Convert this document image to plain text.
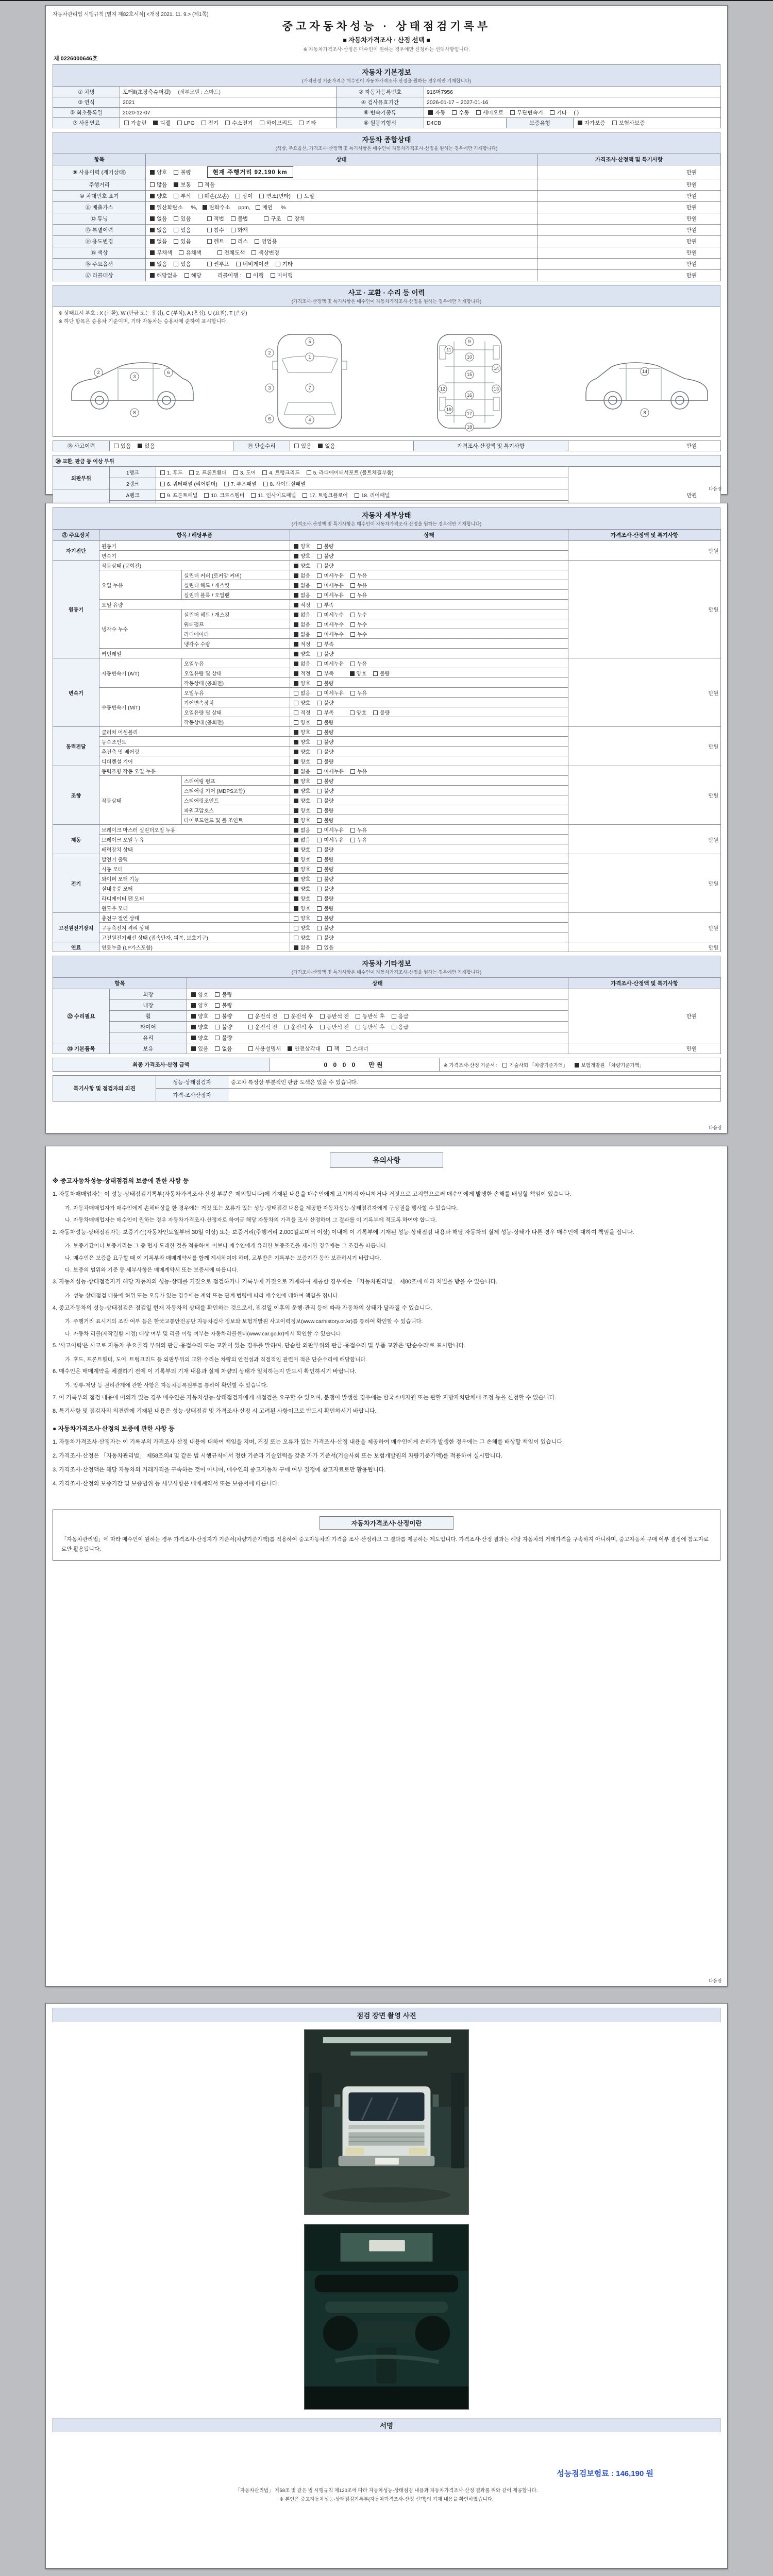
자동차관리법 시행규칙 [별지 제82호서식] <개정 2021. 11. 9.> (제1쪽)
중고자동차성능 · 상태점검기록부
■ 자동차가격조사 · 산정 선택 ■
※ 자동차가격조사·산정은 매수인이 원하는 경우에만 신청하는 선택사항입니다.
제 0226000646호
자동차 기본정보
(가격산정 기준가격은 매수인이 자동차가격조사·산정을 원하는 경우에만 기재합니다)
① 차명	포터Ⅱ(초장축슈퍼캡) (세부모델 : 스마트)	② 자동차등록번호	916머7956		
③ 연식	2021	④ 검사유효기간	2026-01-17 ~ 2027-01-16		
⑤ 최초등록일	2020-12-07	⑥ 변속기종류	자동 수동 세미오토 무단변속기 기타 ( )		
⑦ 사용연료	가솔린 디젤 LPG 전기 수소전기 하이브리드 기타	⑧ 원동기형식	D4CB	보증유형	자가보증 보험사보증
자동차 종합상태
(색상, 주요옵션, 가격조사·산정액 및 특기사항은 매수인이 자동차가격조사·산정을 원하는 경우에만 기재합니다)
항목	상태	가격조사·산정액 및 특기사항
⑨ 사용이력 (계기상태)	양호 불량 현재 주행거리 92,190 km	만원
주행거리	많음 보통 적음	만원
⑩ 차대번호 표기	양호 부식 훼손(오손) 상이 변조(변타) 도말	만원
⑪ 배출가스	일산화탄소 %, 탄화수소 ppm, 매연 %	만원
⑫ 튜닝	없음 있음 적법 불법 구조 장치	만원
⑬ 특별이력	없음 있음 침수 화재	만원
⑭ 용도변경	없음 있음 렌트 리스 영업용	만원
⑮ 색상	무채색 유채색 전체도색 색상변경	만원
⑯ 주요옵션	없음 있음 썬루프 네비게이션 기타	만원
⑰ 리콜대상	해당없음 해당 리콜이행 : 이행 미이행	만원
사고 · 교환 · 수리 등 이력
(가격조사·산정액 및 특기사항은 매수인이 자동차가격조사·산정을 원하는 경우에만 기재합니다)
※ 상태표시 부호 : X (교환), W (판금 또는 용접), C (부식), A (흠집), U (요철), T (손상)
※ 하단 항목은 승용차 기준이며, 기타 자동차는 승용차에 준하여 표시합니다.
2
3
6
8
5
1
7
4
2
3
6
9
10
11
15
12	13
16
14
19
17
18
14
8
⑱ 사고이력	있음 없음	⑲ 단순수리	있음 없음	가격조사·산정액 및 특기사항	만원
⑳ 교환, 판금 등 이상 부위			
외판부위	1랭크	1. 후드 2. 프론트휀더 3. 도어 4. 트렁크리드 5. 라디에이터서포트 (볼트체결부품)	만원
	2랭크	6. 쿼터패널 (리어휀더) 7. 루프패널 8. 사이드실패널	
	A랭크	9. 프론트패널 10. 크로스멤버 11. 인사이드패널 17. 트렁크플로어 18. 리어패널	

다음장
자동차 세부상태
(가격조사·산정액 및 특기사항은 매수인이 자동차가격조사·산정을 원하는 경우에만 기재합니다)
㉑ 주요장치	항목 / 해당부품		상태	가격조사·산정액 및 특기사항
자기진단	원동기		양호 불량	만원
	변속기		양호 불량	
원동기	작동상태 (공회전)		양호 불량	만원
	오일 누유	실린더 커버 (로커암 커버)	없음 미세누유 누유	
		실린더 헤드 / 개스킷	없음 미세누유 누유	
		실린더 블록 / 오일팬	없음 미세누유 누유	
	오일 유량		적정 부족	
	냉각수 누수	실린더 헤드 / 개스킷	없음 미세누수 누수	
		워터펌프	없음 미세누수 누수	
		라디에이터	없음 미세누수 누수	
		냉각수 수량	적정 부족	
	커먼레일		양호 불량	
변속기	자동변속기 (A/T)	오일누유	없음 미세누유 누유	만원
		오일유량 및 상태	적정 부족 양호 불량	
		작동상태 (공회전)	양호 불량	
	수동변속기 (M/T)	오일누유	없음 미세누유 누유	
		기어변속장치	양호 불량	
		오일유량 및 상태	적정 부족 양호 불량	
		작동상태 (공회전)	양호 불량	
동력전달	클러치 어셈블리		양호 불량	만원
	등속조인트		양호 불량	
	추진축 및 베어링		양호 불량	
	디퍼렌셜 기어		양호 불량	
조향	동력조향 작동 오일 누유		없음 미세누유 누유	만원
	작동상태	스티어링 펌프	양호 불량	
		스티어링 기어 (MDPS포함)	양호 불량	
		스티어링조인트	양호 불량	
		파워고압호스	양호 불량	
		타이로드엔드 및 볼 조인트	양호 불량	
제동	브레이크 마스터 실린더오일 누유		없음 미세누유 누유	만원
	브레이크 오일 누유		없음 미세누유 누유	
	배력장치 상태		양호 불량	
전기	발전기 출력		양호 불량	만원
	시동 모터		양호 불량	
	와이퍼 모터 기능		양호 불량	
	실내송풍 모터		양호 불량	
	라디에이터 팬 모터		양호 불량	
	윈도우 모터		양호 불량	
고전원전기장치	충전구 절연 상태		양호 불량	만원
	구동축전지 격리 상태		양호 불량	
	고전원전기배선 상태 (접속단자, 피복, 보호기구)		양호 불량	
연료	연료누출 (LP가스포함)		없음 있음	만원
자동차 기타정보
(가격조사·산정액 및 특기사항은 매수인이 자동차가격조사·산정을 원하는 경우에만 기재합니다)
항목		상태	가격조사·산정액 및 특기사항
㉒ 수리필요	외장	양호 불량	만원
	내장	양호 불량	
	휠	양호 불량 운전석 전 운전석 후 동반석 전 동반석 후 응급	
	타이어	양호 불량 운전석 전 운전석 후 동반석 전 동반석 후 응급	
	유리	양호 불량	
㉓ 기본품목	보유	있음 없음 사용설명서 안전삼각대 잭 스패너	만원
최종 가격조사·산정 금액	0 0 0 0 만원	※ 가격조사·산정 기준서 : 기술사회 「차량기준가액」	보험개발원 「차량기준가액」
특기사항 및 점검자의 의견	성능·상태점검자	중고차 특성상 부분적인 판금 도색은 있을 수 있습니다.
	가격·조사산정자	
다음장
유의사항
※ 중고자동차성능·상태점검의 보증에 관한 사항 등
1. 자동차매매업자는 이 성능·상태점검기록부(자동차가격조사·산정 부분은 제외합니다)에 기재된 내용을 매수인에게 고지하지 아니하거나 거짓으로 고지함으로써 매수인에게 발생한 손해를 배상할 책임이 있습니다.
가. 자동차매매업자가 매수인에게 손해배상을 한 경우에는 거짓 또는 오류가 있는 성능·상태점검 내용을 제공한 자동차성능·상태점검자에게 구상권을 행사할 수 있습니다.
나. 자동차매매업자는 매수인이 원하는 경우 자동차가격조사·산정자로 하여금 해당 자동차의 가격을 조사·산정하여 그 결과를 이 기록부에 적도록 하여야 합니다.
2. 자동차성능·상태점검자는 보증기간(자동차인도일부터 30일 이상) 또는 보증거리(주행거리 2,000킬로미터 이상) 이내에 이 기록부에 기재된 성능·상태점검 내용과 해당 자동차의 실제 성능·상태가 다른 경우 매수인에 대하여 책임을 집니다.
가. 보증기간이나 보증거리는 그 중 먼저 도래한 것을 적용하며, 이보다 매수인에게 유리한 보증조건을 제시한 경우에는 그 조건을 따릅니다.
나. 매수인은 보증을 요구할 때 이 기록부와 매매계약서를 함께 제시하여야 하며, 교부받은 기록부는 보증기간 동안 보관하시기 바랍니다.
다. 보증의 범위와 기준 등 세부사항은 매매계약서 또는 보증서에 따릅니다.
3. 자동차성능·상태점검자가 해당 자동차의 성능·상태를 거짓으로 점검하거나 기록부에 거짓으로 기재하여 제공한 경우에는 「자동차관리법」 제80조에 따라 처벌을 받을 수 있습니다.
가. 성능·상태점검 내용에 허위 또는 오류가 있는 경우에는 계약 또는 관계 법령에 따라 매수인에 대하여 책임을 집니다.
4. 중고자동차의 성능·상태점검은 점검일 현재 자동차의 상태를 확인하는 것으로서, 점검일 이후의 운행·관리 등에 따라 자동차의 상태가 달라질 수 있습니다.
가. 주행거리 표시기의 조작 여부 등은 한국교통안전공단 자동차검사 정보와 보험개발원 사고이력정보(www.carhistory.or.kr)를 통하여 확인할 수 있습니다.
나. 자동차 리콜(제작결함 시정) 대상 여부 및 리콜 이행 여부는 자동차리콜센터(www.car.go.kr)에서 확인할 수 있습니다.
5. '사고이력'은 사고로 자동차 주요골격 부위의 판금·용접수리 또는 교환이 있는 경우를 말하며, 단순한 외판부위의 판금·용접수리 및 부품 교환은 '단순수리'로 표시합니다.
가. 후드, 프론트휀더, 도어, 트렁크리드 등 외판부위의 교환·수리는 차량의 안전성과 직접적인 관련이 적은 단순수리에 해당합니다.
6. 매수인은 매매계약을 체결하기 전에 이 기록부의 기재 내용과 실제 차량의 상태가 일치하는지 반드시 확인하시기 바랍니다.
가. 압류·저당 등 권리관계에 관한 사항은 자동차등록원부를 통하여 확인할 수 있습니다.
7. 이 기록부의 점검 내용에 이의가 있는 경우 매수인은 자동차성능·상태점검자에게 재점검을 요구할 수 있으며, 분쟁이 발생한 경우에는 한국소비자원 또는 관할 지방자치단체에 조정 등을 신청할 수 있습니다.
8. 특기사항 및 점검자의 의견란에 기재된 내용은 성능·상태점검 및 가격조사·산정 시 고려된 사항이므로 반드시 확인하시기 바랍니다.
● 자동차가격조사·산정의 보증에 관한 사항 등
1. 자동차가격조사·산정자는 이 기록부의 가격조사·산정 내용에 대하여 책임을 지며, 거짓 또는 오류가 있는 가격조사·산정 내용을 제공하여 매수인에게 손해가 발생한 경우에는 그 손해를 배상할 책임이 있습니다.
2. 가격조사·산정은 「자동차관리법」 제58조의4 및 같은 법 시행규칙에서 정한 기준과 기술인력을 갖춘 자가 기준서(기술사회 또는 보험개발원의 차량기준가액)를 적용하여 실시합니다.
3. 가격조사·산정액은 해당 자동차의 거래가격을 구속하는 것이 아니며, 매수인의 중고자동차 구매 여부 결정에 참고자료로만 활용됩니다.
4. 가격조사·산정의 보증기간 및 보증범위 등 세부사항은 매매계약서 또는 보증서에 따릅니다.
자동차가격조사·산정이란
「자동차관리법」에 따라 매수인이 원하는 경우 가격조사·산정자가 기준서(차량기준가액)를 적용하여 중고자동차의 가격을 조사·산정하고 그 결과를 제공하는 제도입니다. 가격조사·산정 결과는 해당 자동차의 거래가격을 구속하지 아니하며, 중고자동차 구매 여부 결정에 참고자료로만 활용됩니다.
다음장
점검 장면 촬영 사진
서명
성능점검보험료 : 146,190 원
「자동차관리법」 제58조 및 같은 법 시행규칙 제120조에 따라 자동차성능·상태점검 내용과 자동차가격조사·산정 결과를 위와 같이 제공합니다.
※ 본인은 중고자동차성능·상태점검기록부(자동차가격조사·산정 선택)의 기재 내용을 확인하였습니다.
